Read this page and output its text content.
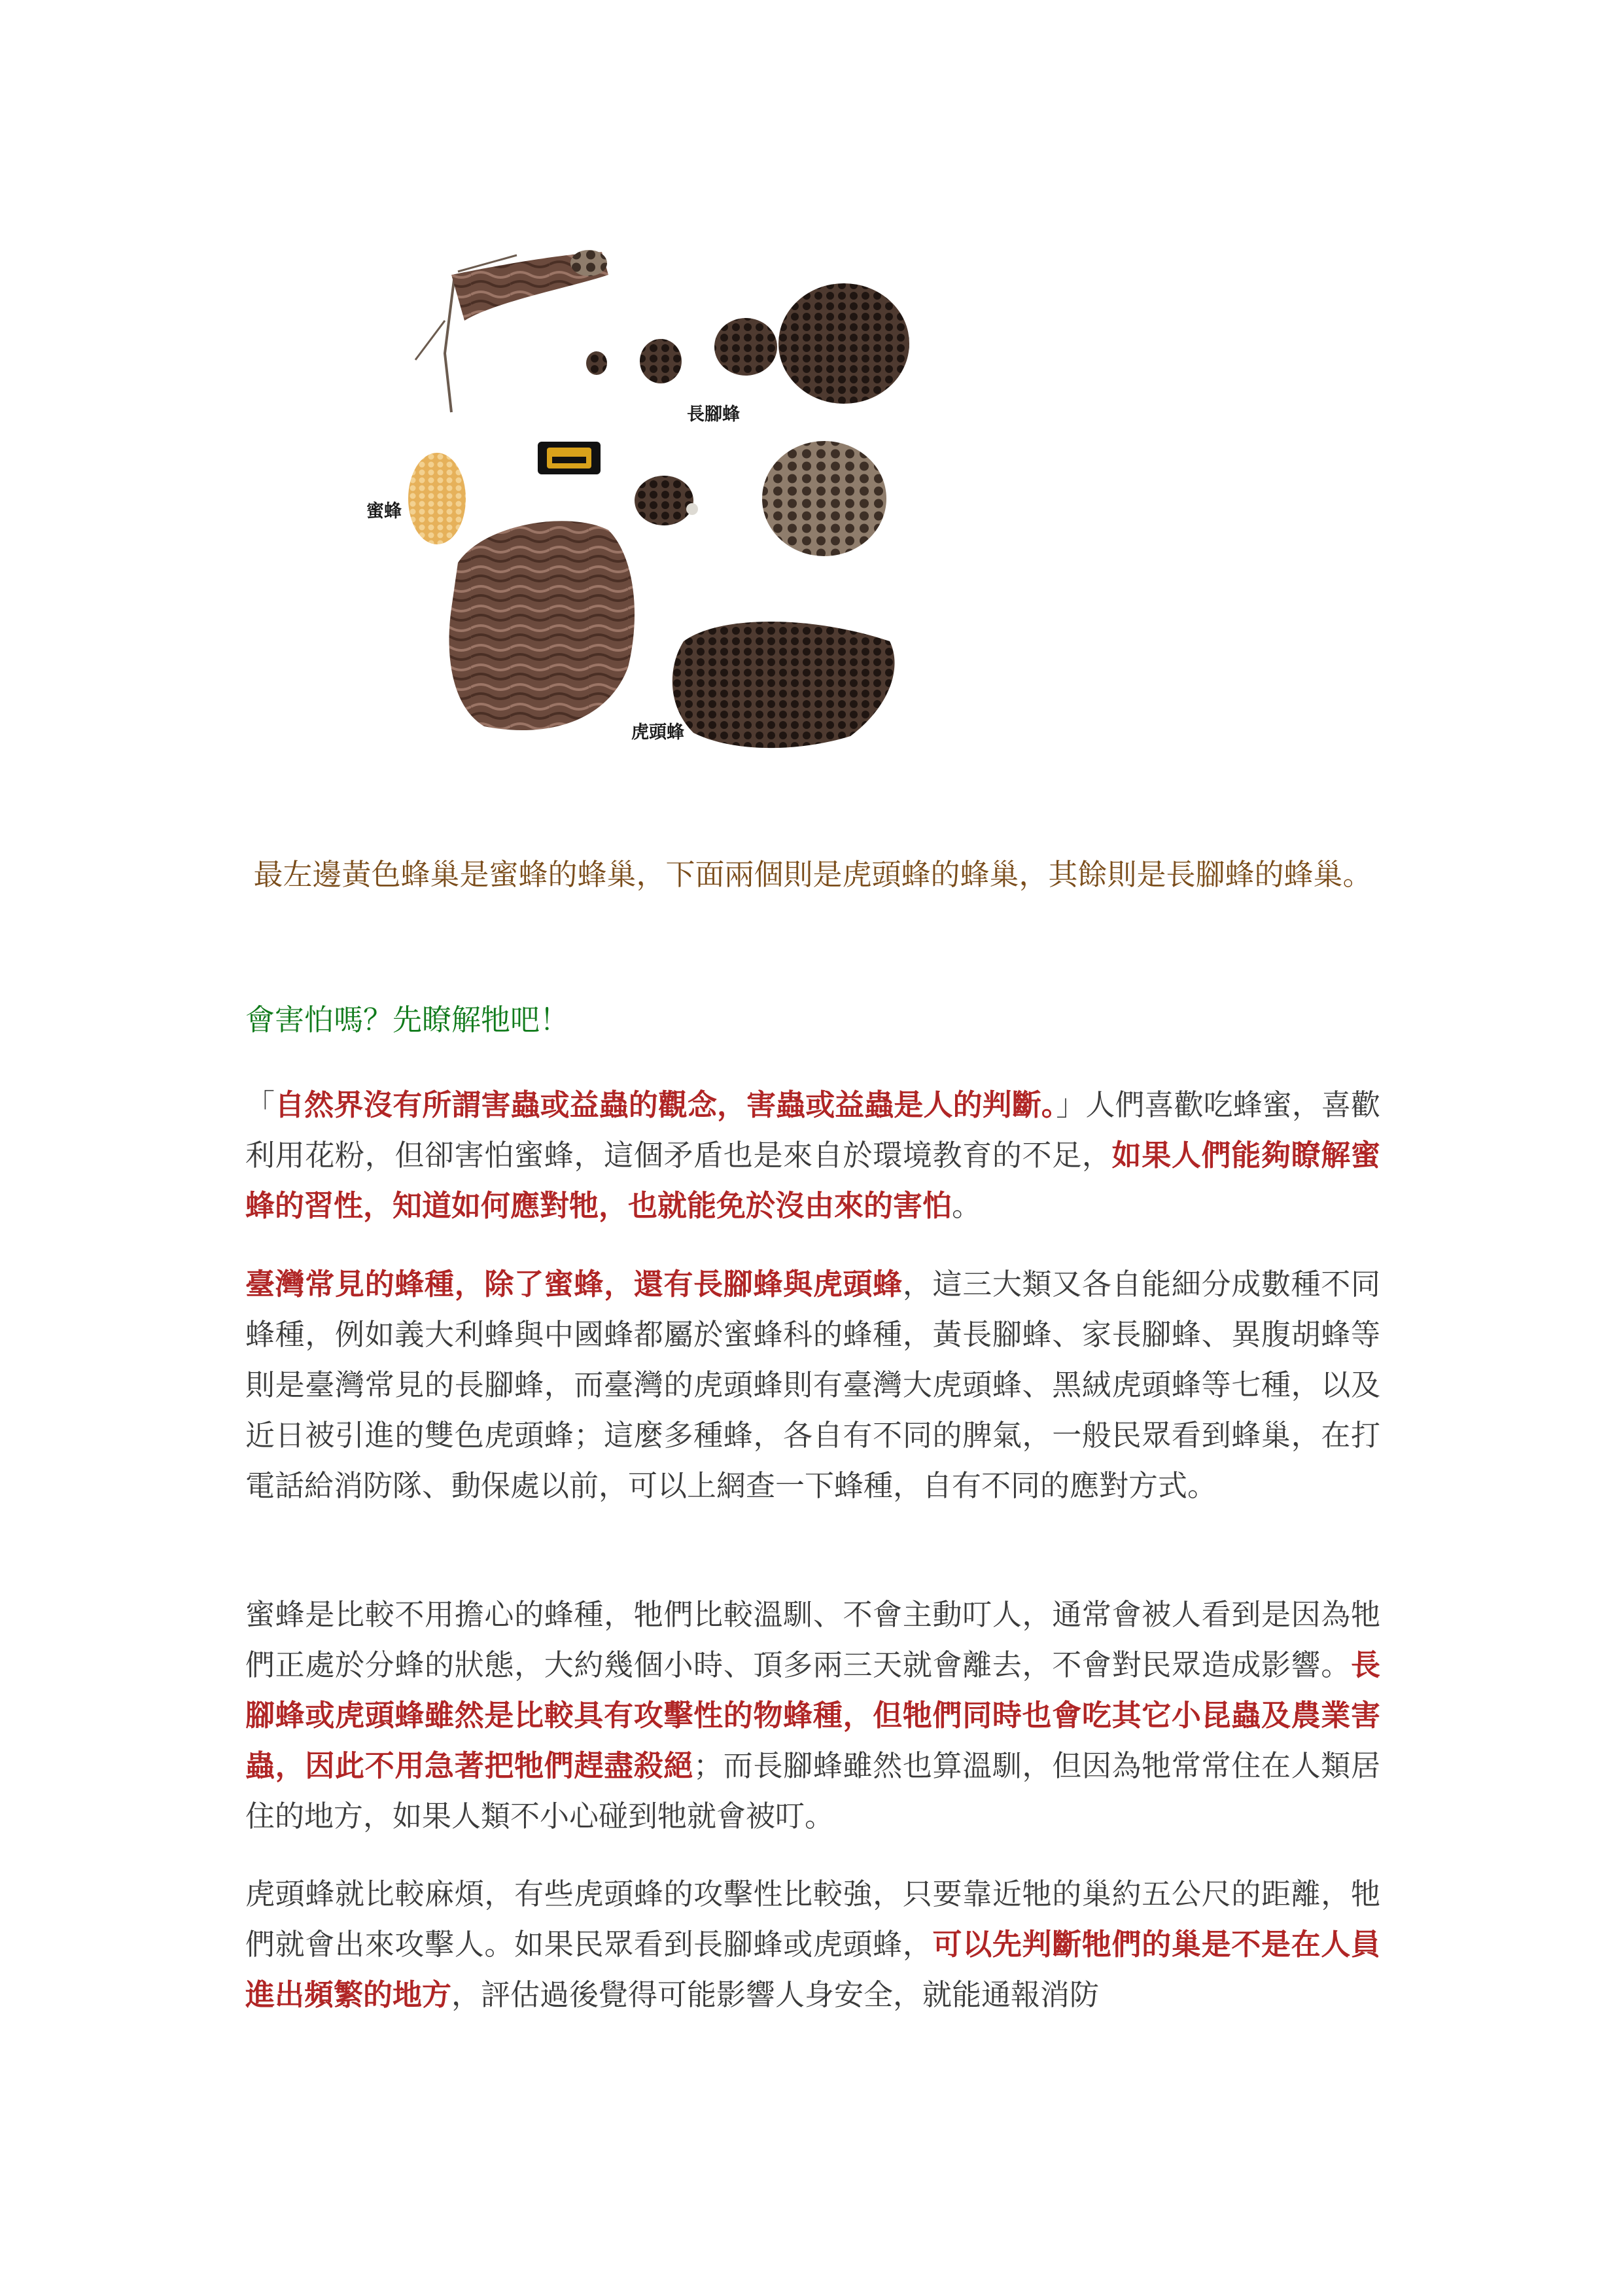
長腳蜂
蜜蜂
虎頭蜂
最左邊黃色蜂巢是蜜蜂的蜂巢，下面兩個則是虎頭蜂的蜂巢，其餘則是長腳蜂的蜂巢。
會害怕嗎？先瞭解牠吧！

「自然界沒有所謂害蟲或益蟲的觀念，害蟲或益蟲是人的判斷。」人們喜歡吃蜂蜜，喜歡利用花粉，但卻害怕蜜蜂，這個矛盾也是來自於環境教育的不足，如果人們能夠瞭解蜜蜂的習性，知道如何應對牠，也就能免於沒由來的害怕。

臺灣常見的蜂種，除了蜜蜂，還有長腳蜂與虎頭蜂，這三大類又各自能細分成數種不同蜂種，例如義大利蜂與中國蜂都屬於蜜蜂科的蜂種，黃長腳蜂、家長腳蜂、異腹胡蜂等則是臺灣常見的長腳蜂，而臺灣的虎頭蜂則有臺灣大虎頭蜂、黑絨虎頭蜂等七種，以及近日被引進的雙色虎頭蜂；這麼多種蜂，各自有不同的脾氣，一般民眾看到蜂巢，在打電話給消防隊、動保處以前，可以上網查一下蜂種，自有不同的應對方式。

蜜蜂是比較不用擔心的蜂種，牠們比較溫馴、不會主動叮人，通常會被人看到是因為牠們正處於分蜂的狀態，大約幾個小時、頂多兩三天就會離去，不會對民眾造成影響。長腳蜂或虎頭蜂雖然是比較具有攻擊性的物蜂種，但牠們同時也會吃其它小昆蟲及農業害蟲，因此不用急著把牠們趕盡殺絕；而長腳蜂雖然也算溫馴，但因為牠常常住在人類居住的地方，如果人類不小心碰到牠就會被叮。

虎頭蜂就比較麻煩，有些虎頭蜂的攻擊性比較強，只要靠近牠的巢約五公尺的距離，牠們就會出來攻擊人。如果民眾看到長腳蜂或虎頭蜂，可以先判斷牠們的巢是不是在人員進出頻繁的地方，評估過後覺得可能影響人身安全，就能通報消防
